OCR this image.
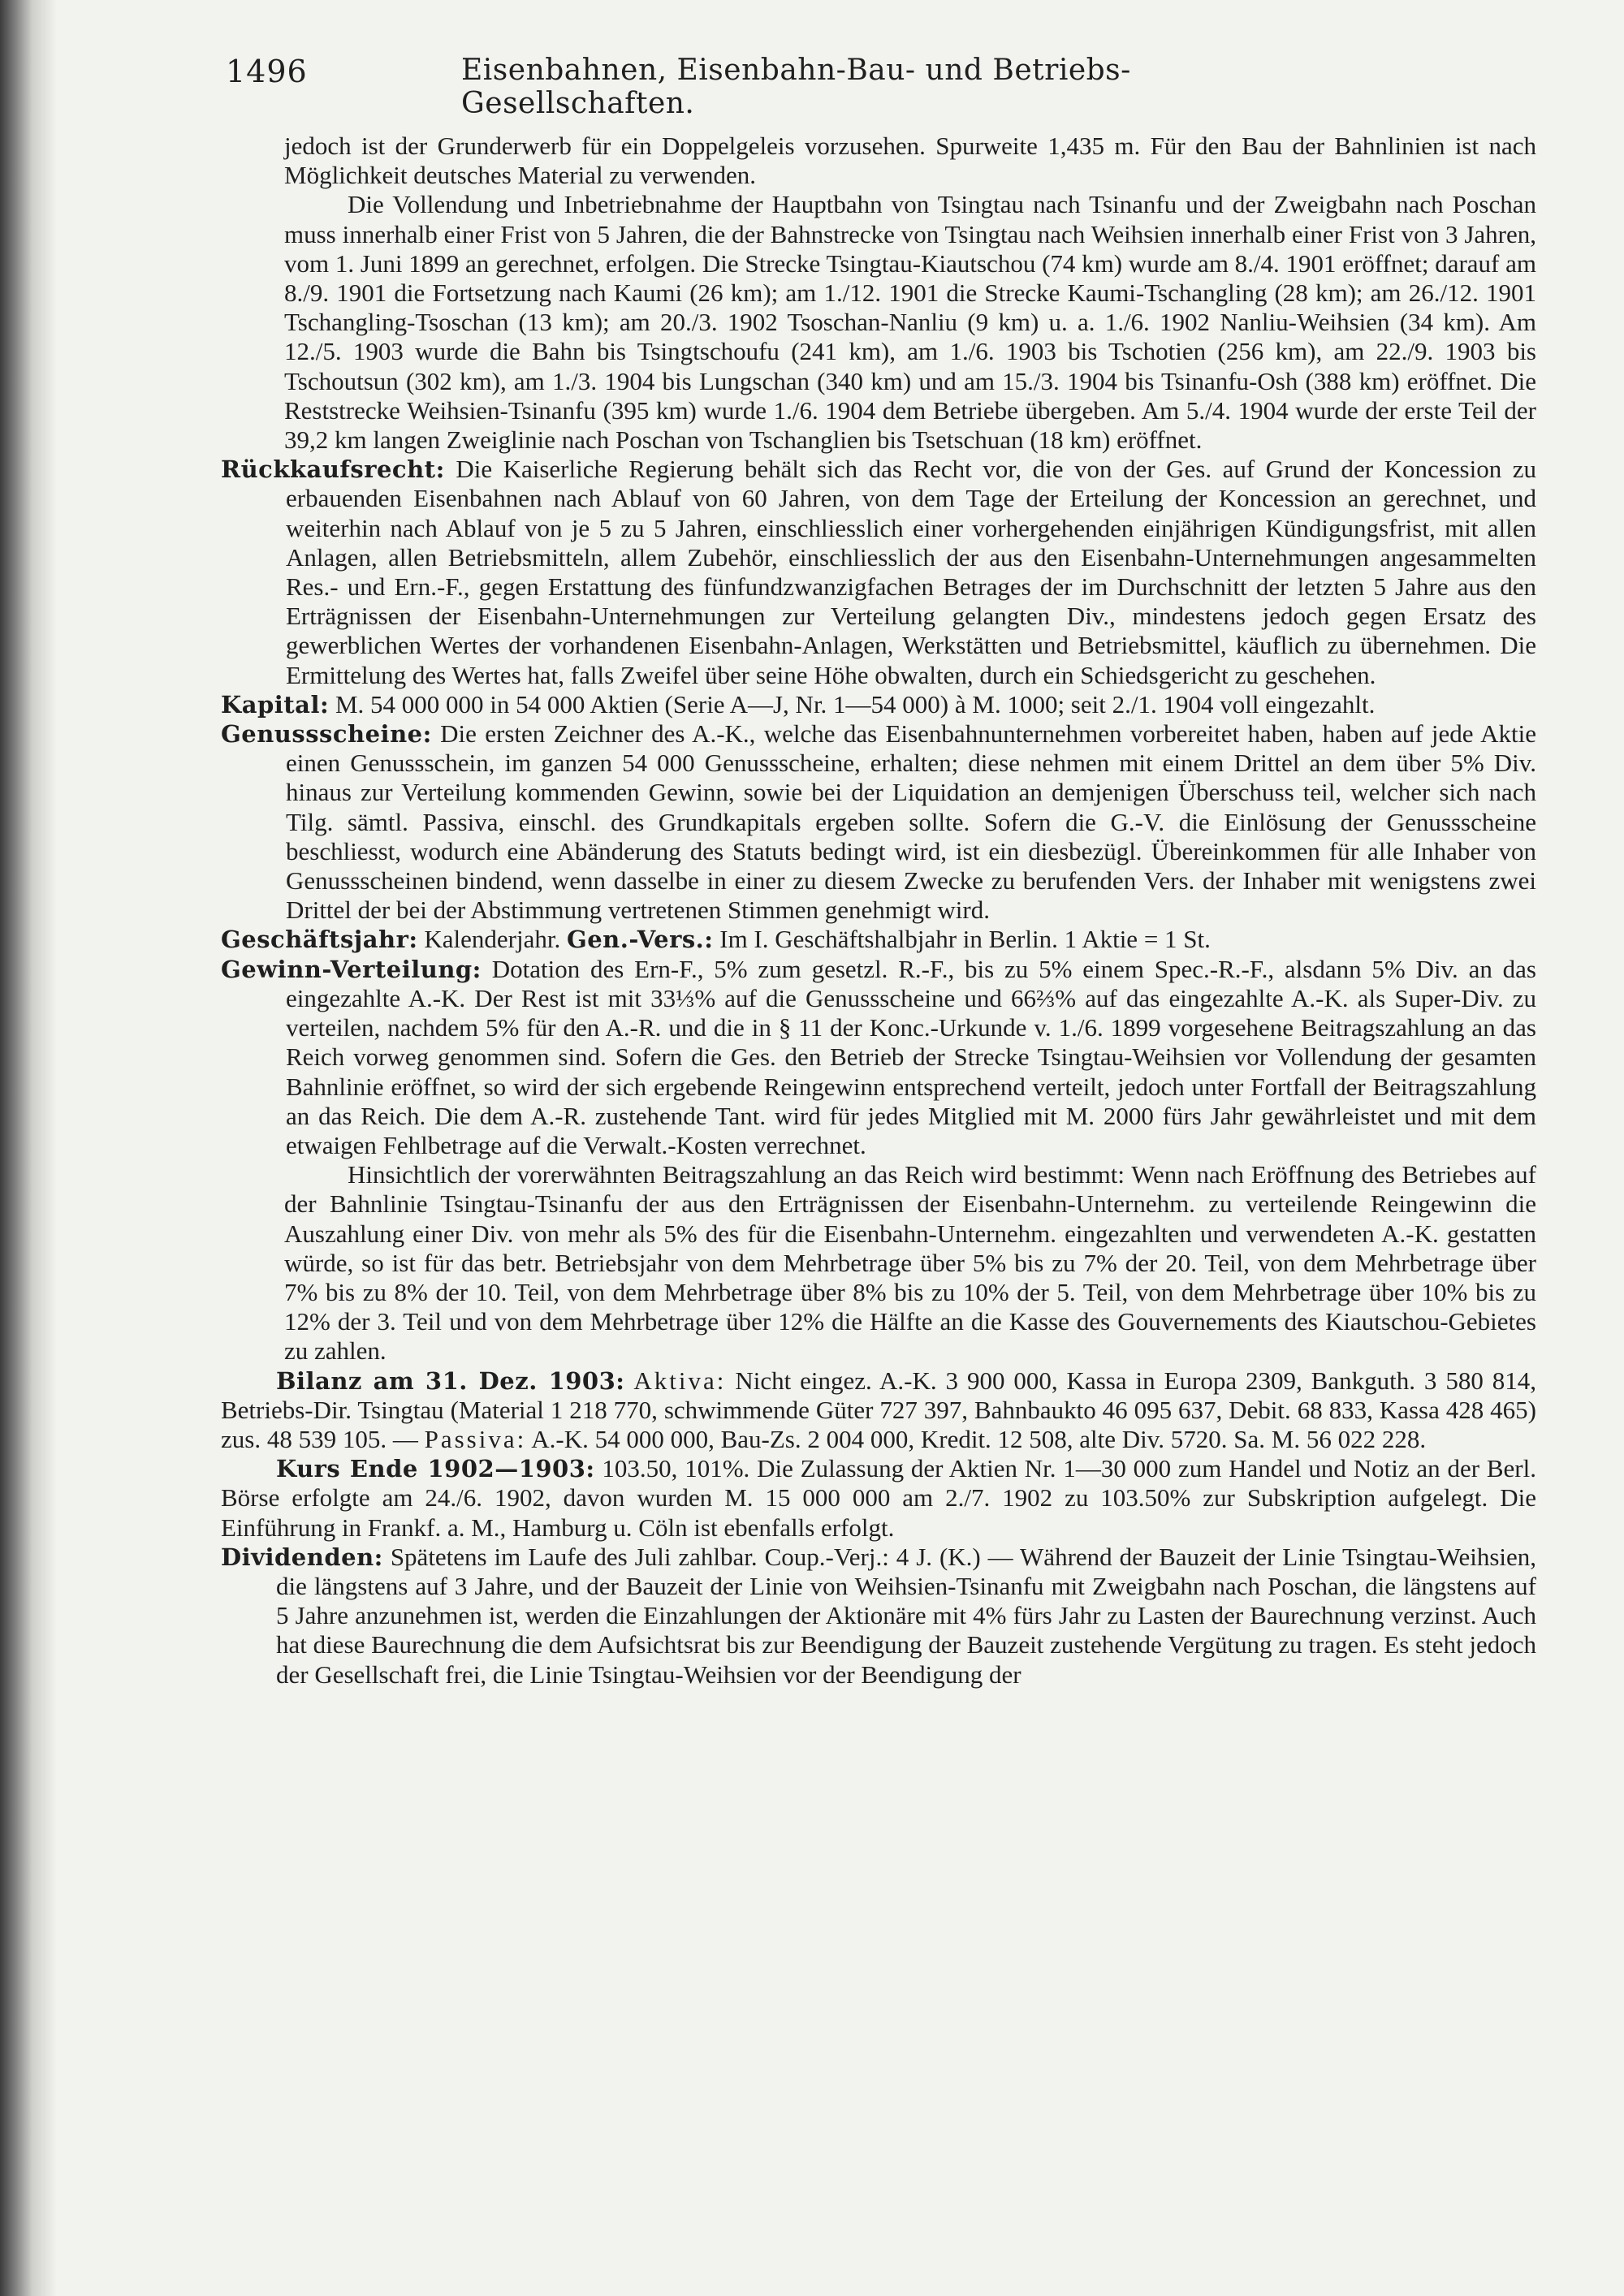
1496	Eisenbahnen, Eisenbahn-Bau- und Betriebs-Gesellschaften.

jedoch ist der Grunderwerb für ein Doppelgeleis vorzusehen. Spurweite 1,435 m. Für den Bau der Bahnlinien ist nach Möglichkeit deutsches Material zu verwenden.

Die Vollendung und Inbetriebnahme der Hauptbahn von Tsingtau nach Tsinanfu und der Zweigbahn nach Poschan muss innerhalb einer Frist von 5 Jahren, die der Bahnstrecke von Tsingtau nach Weihsien innerhalb einer Frist von 3 Jahren, vom 1. Juni 1899 an gerechnet, erfolgen. Die Strecke Tsingtau-Kiautschou (74 km) wurde am 8./4. 1901 eröffnet; darauf am 8./9. 1901 die Fortsetzung nach Kaumi (26 km); am 1./12. 1901 die Strecke Kaumi-Tschangling (28 km); am 26./12. 1901 Tschangling-Tsoschan (13 km); am 20./3. 1902 Tsoschan-Nanliu (9 km) u. a. 1./6. 1902 Nanliu-Weihsien (34 km). Am 12./5. 1903 wurde die Bahn bis Tsingtschoufu (241 km), am 1./6. 1903 bis Tschotien (256 km), am 22./9. 1903 bis Tschoutsun (302 km), am 1./3. 1904 bis Lungschan (340 km) und am 15./3. 1904 bis Tsinanfu-Osh (388 km) eröffnet. Die Reststrecke Weihsien-Tsinanfu (395 km) wurde 1./6. 1904 dem Betriebe übergeben. Am 5./4. 1904 wurde der erste Teil der 39,2 km langen Zweiglinie nach Poschan von Tschanglien bis Tsetschuan (18 km) eröffnet.

Rückkaufsrecht: Die Kaiserliche Regierung behält sich das Recht vor, die von der Ges. auf Grund der Koncession zu erbauenden Eisenbahnen nach Ablauf von 60 Jahren, von dem Tage der Erteilung der Koncession an gerechnet, und weiterhin nach Ablauf von je 5 zu 5 Jahren, einschliesslich einer vorhergehenden einjährigen Kündigungsfrist, mit allen Anlagen, allen Betriebsmitteln, allem Zubehör, einschliesslich der aus den Eisenbahn-Unternehmungen angesammelten Res.- und Ern.-F., gegen Erstattung des fünfundzwanzigfachen Betrages der im Durchschnitt der letzten 5 Jahre aus den Erträgnissen der Eisenbahn-Unternehmungen zur Verteilung gelangten Div., mindestens jedoch gegen Ersatz des gewerblichen Wertes der vorhandenen Eisenbahn-Anlagen, Werkstätten und Betriebsmittel, käuflich zu übernehmen. Die Ermittelung des Wertes hat, falls Zweifel über seine Höhe obwalten, durch ein Schiedsgericht zu geschehen.

Kapital: M. 54 000 000 in 54 000 Aktien (Serie A—J, Nr. 1—54 000) à M. 1000; seit 2./1. 1904 voll eingezahlt.

Genussscheine: Die ersten Zeichner des A.-K., welche das Eisenbahnunternehmen vorbereitet haben, haben auf jede Aktie einen Genussschein, im ganzen 54 000 Genussscheine, erhalten; diese nehmen mit einem Drittel an dem über 5% Div. hinaus zur Verteilung kommenden Gewinn, sowie bei der Liquidation an demjenigen Überschuss teil, welcher sich nach Tilg. sämtl. Passiva, einschl. des Grundkapitals ergeben sollte. Sofern die G.-V. die Einlösung der Genussscheine beschliesst, wodurch eine Abänderung des Statuts bedingt wird, ist ein diesbezügl. Übereinkommen für alle Inhaber von Genussscheinen bindend, wenn dasselbe in einer zu diesem Zwecke zu berufenden Vers. der Inhaber mit wenigstens zwei Drittel der bei der Abstimmung vertretenen Stimmen genehmigt wird.

Geschäftsjahr: Kalenderjahr. Gen.-Vers.: Im I. Geschäftshalbjahr in Berlin. 1 Aktie = 1 St.

Gewinn-Verteilung: Dotation des Ern-F., 5% zum gesetzl. R.-F., bis zu 5% einem Spec.-R.-F., alsdann 5% Div. an das eingezahlte A.-K. Der Rest ist mit 33⅓% auf die Genussscheine und 66⅔% auf das eingezahlte A.-K. als Super-Div. zu verteilen, nachdem 5% für den A.-R. und die in § 11 der Konc.-Urkunde v. 1./6. 1899 vorgesehene Beitragszahlung an das Reich vorweg genommen sind. Sofern die Ges. den Betrieb der Strecke Tsingtau-Weihsien vor Vollendung der gesamten Bahnlinie eröffnet, so wird der sich ergebende Reingewinn entsprechend verteilt, jedoch unter Fortfall der Beitragszahlung an das Reich. Die dem A.-R. zustehende Tant. wird für jedes Mitglied mit M. 2000 fürs Jahr gewährleistet und mit dem etwaigen Fehlbetrage auf die Verwalt.-Kosten verrechnet.

Hinsichtlich der vorerwähnten Beitragszahlung an das Reich wird bestimmt: Wenn nach Eröffnung des Betriebes auf der Bahnlinie Tsingtau-Tsinanfu der aus den Erträgnissen der Eisenbahn-Unternehm. zu verteilende Reingewinn die Auszahlung einer Div. von mehr als 5% des für die Eisenbahn-Unternehm. eingezahlten und verwendeten A.-K. gestatten würde, so ist für das betr. Betriebsjahr von dem Mehrbetrage über 5% bis zu 7% der 20. Teil, von dem Mehrbetrage über 7% bis zu 8% der 10. Teil, von dem Mehrbetrage über 8% bis zu 10% der 5. Teil, von dem Mehrbetrage über 10% bis zu 12% der 3. Teil und von dem Mehrbetrage über 12% die Hälfte an die Kasse des Gouvernements des Kiautschou-Gebietes zu zahlen.

Bilanz am 31. Dez. 1903: Aktiva: Nicht eingez. A.-K. 3 900 000, Kassa in Europa 2309, Bankguth. 3 580 814, Betriebs-Dir. Tsingtau (Material 1 218 770, schwimmende Güter 727 397, Bahnbaukto 46 095 637, Debit. 68 833, Kassa 428 465) zus. 48 539 105. — Passiva: A.-K. 54 000 000, Bau-Zs. 2 004 000, Kredit. 12 508, alte Div. 5720. Sa. M. 56 022 228.

Kurs Ende 1902—1903: 103.50, 101%. Die Zulassung der Aktien Nr. 1—30 000 zum Handel und Notiz an der Berl. Börse erfolgte am 24./6. 1902, davon wurden M. 15 000 000 am 2./7. 1902 zu 103.50% zur Subskription aufgelegt. Die Einführung in Frankf. a. M., Hamburg u. Cöln ist ebenfalls erfolgt.

Dividenden: Spätetens im Laufe des Juli zahlbar. Coup.-Verj.: 4 J. (K.) — Während der Bauzeit der Linie Tsingtau-Weihsien, die längstens auf 3 Jahre, und der Bauzeit der Linie von Weihsien-Tsinanfu mit Zweigbahn nach Poschan, die längstens auf 5 Jahre anzunehmen ist, werden die Einzahlungen der Aktionäre mit 4% fürs Jahr zu Lasten der Baurechnung verzinst. Auch hat diese Baurechnung die dem Aufsichtsrat bis zur Beendigung der Bauzeit zustehende Vergütung zu tragen. Es steht jedoch der Gesellschaft frei, die Linie Tsingtau-Weihsien vor der Beendigung der
